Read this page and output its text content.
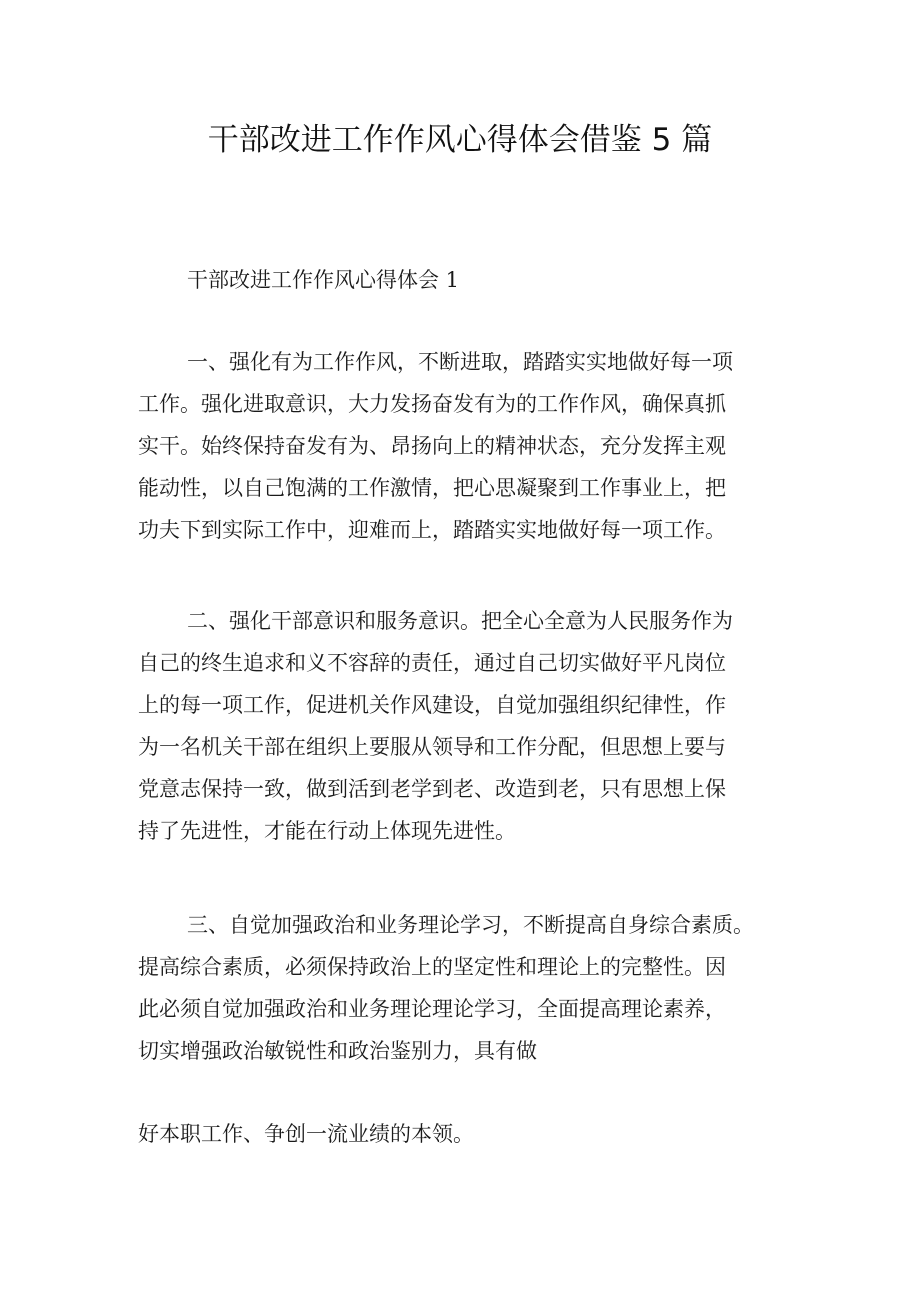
干部改进工作作风心得体会借鉴 5 篇
干部改进工作作风心得体会 1
一、强化有为工作作风，不断进取，踏踏实实地做好每一项
工作。强化进取意识，大力发扬奋发有为的工作作风，确保真抓
实干。始终保持奋发有为、昂扬向上的精神状态，充分发挥主观
能动性，以自己饱满的工作激情，把心思凝聚到工作事业上，把
功夫下到实际工作中，迎难而上，踏踏实实地做好每一项工作。
二、强化干部意识和服务意识。把全心全意为人民服务作为
自己的终生追求和义不容辞的责任，通过自己切实做好平凡岗位
上的每一项工作，促进机关作风建设，自觉加强组织纪律性，作
为一名机关干部在组织上要服从领导和工作分配，但思想上要与
党意志保持一致，做到活到老学到老、改造到老，只有思想上保
持了先进性，才能在行动上体现先进性。
三、自觉加强政治和业务理论学习，不断提高自身综合素质。
提高综合素质，必须保持政治上的坚定性和理论上的完整性。因
此必须自觉加强政治和业务理论理论学习，全面提高理论素养，
切实增强政治敏锐性和政治鉴别力，具有做
好本职工作、争创一流业绩的本领。
